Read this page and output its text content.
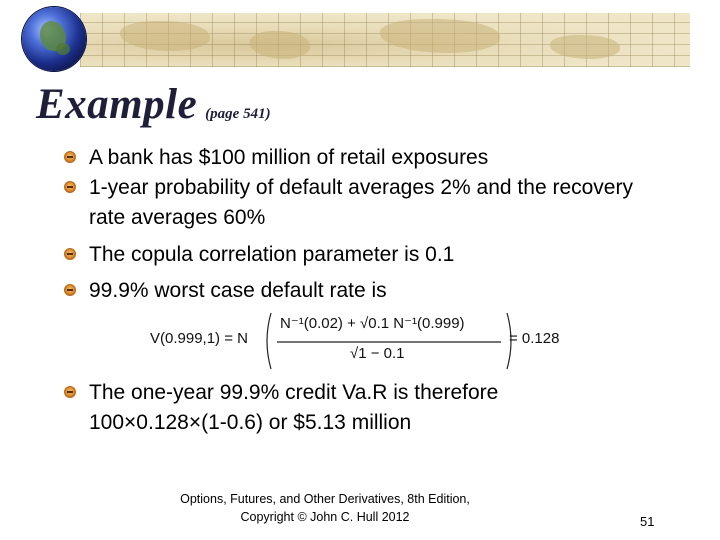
Example (page 541)
A bank has $100 million of retail exposures
1-year probability of default averages 2% and the recovery rate averages 60%
The copula correlation parameter is 0.1
99.9% worst case default rate is
The one-year 99.9% credit Va.R is therefore 100×0.128×(1-0.6) or $5.13 million
V(0.999,1) = N
N⁻¹(0.02) + √0.1 N⁻¹(0.999)
√1 − 0.1
= 0.128
Options, Futures, and Other Derivatives, 8th Edition,
Copyright © John C. Hull 2012	51
